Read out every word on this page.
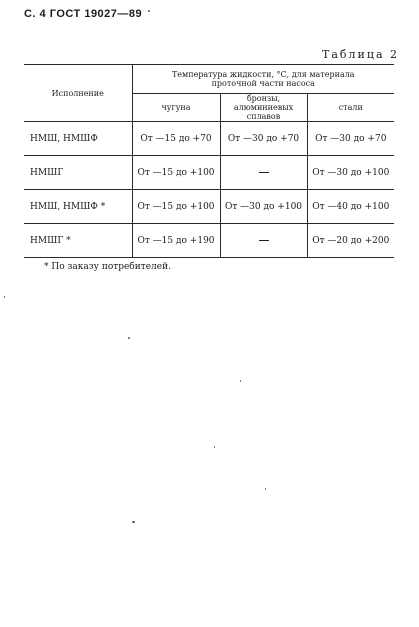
С. 4 ГОСТ 19027—89
Таблица 2
Исполнение	Температура жидкости, °С, для материала проточной части насоса		
	чугуна	бронзы, алюминиевых сплавов	стали
НМШ, НМШФ	От —15 до +70	От —30 до +70	От —30 до +70
НМШГ	От —15 до +100		От —30 до +100
НМШ, НМШФ *	От —15 до +100	От —30 до +100	От —40 до +100
НМШГ *	От —15 до +190		От —20 до +200
* По заказу потребителей.
